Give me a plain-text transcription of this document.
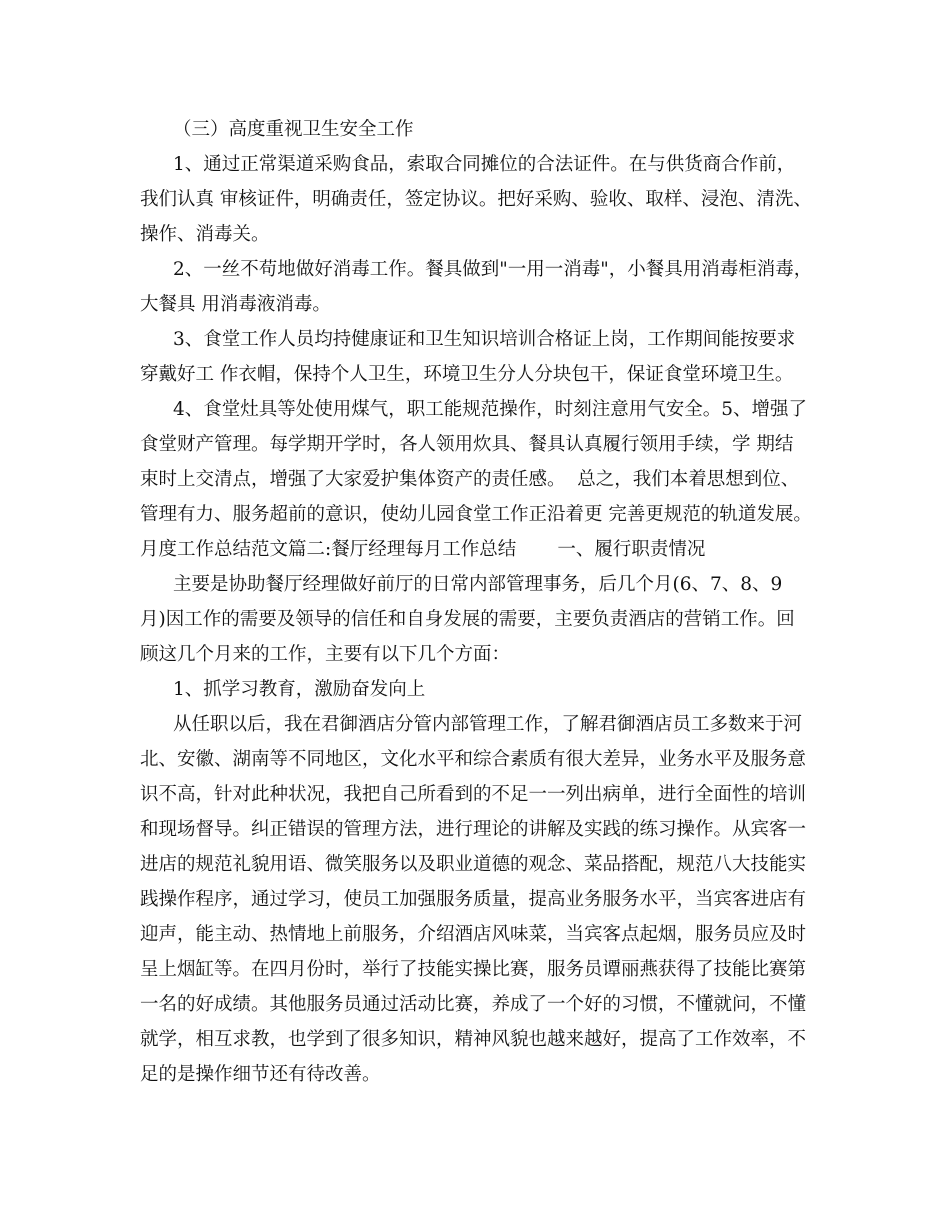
（三）高度重视卫生安全工作
1、通过正常渠道采购食品，索取合同摊位的合法证件。在与供货商合作前，
我们认真 审核证件，明确责任，签定协议。把好采购、验收、取样、浸泡、清洗、
操作、消毒关。
2、一丝不苟地做好消毒工作。餐具做到"一用一消毒"，小餐具用消毒柜消毒，
大餐具 用消毒液消毒。
3、食堂工作人员均持健康证和卫生知识培训合格证上岗，工作期间能按要求
穿戴好工 作衣帽，保持个人卫生，环境卫生分人分块包干，保证食堂环境卫生。
4、食堂灶具等处使用煤气，职工能规范操作，时刻注意用气安全。5、增强了
食堂财产管理。每学期开学时，各人领用炊具、餐具认真履行领用手续，学 期结
束时上交清点，增强了大家爱护集体资产的责任感。  总之，我们本着思想到位、
管理有力、服务超前的意识，使幼儿园食堂工作正沿着更 完善更规范的轨道发展。
月度工作总结范文篇二:餐厅经理每月工作总结       一、履行职责情况
主要是协助餐厅经理做好前厅的日常内部管理事务，后几个月(6、7、8、9
月)因工作的需要及领导的信任和自身发展的需要，主要负责酒店的营销工作。回
顾这几个月来的工作，主要有以下几个方面：
1、抓学习教育，激励奋发向上
从任职以后，我在君御酒店分管内部管理工作，了解君御酒店员工多数来于河
北、安徽、湖南等不同地区，文化水平和综合素质有很大差异，业务水平及服务意
识不高，针对此种状况，我把自己所看到的不足一一列出病单，进行全面性的培训
和现场督导。纠正错误的管理方法，进行理论的讲解及实践的练习操作。从宾客一
进店的规范礼貌用语、微笑服务以及职业道德的观念、菜品搭配，规范八大技能实
践操作程序，通过学习，使员工加强服务质量，提高业务服务水平，当宾客进店有
迎声，能主动、热情地上前服务，介绍酒店风味菜，当宾客点起烟，服务员应及时
呈上烟缸等。在四月份时，举行了技能实操比赛，服务员谭丽燕获得了技能比赛第
一名的好成绩。其他服务员通过活动比赛，养成了一个好的习惯，不懂就问，不懂
就学，相互求教，也学到了很多知识，精神风貌也越来越好，提高了工作效率，不
足的是操作细节还有待改善。
